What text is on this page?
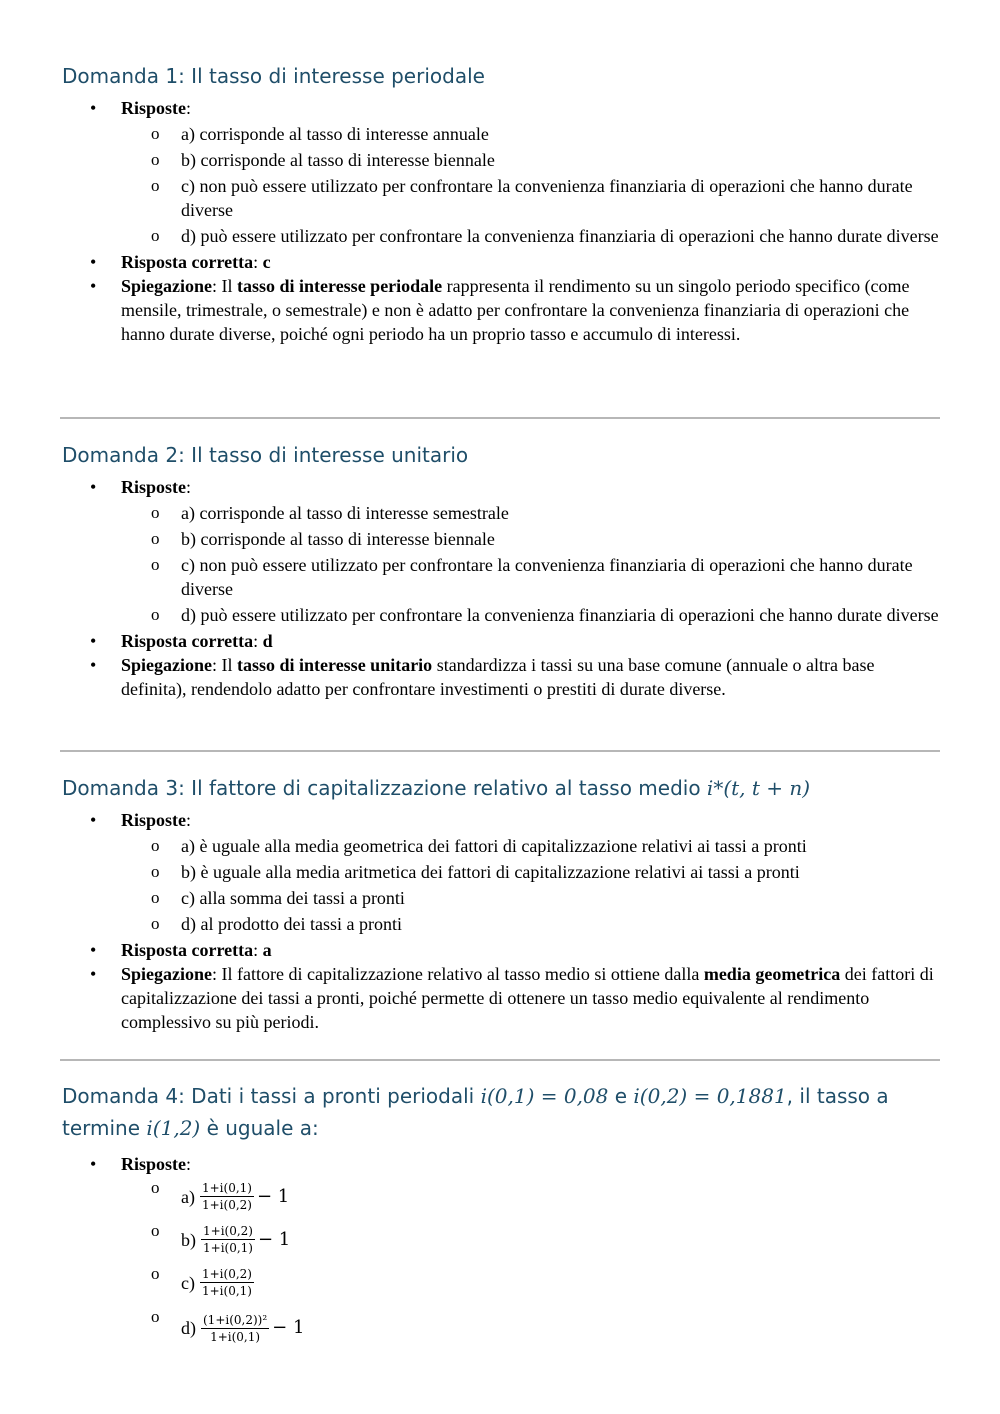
Domanda 1: Il tasso di interesse periodale
• Risposte:
o a) corrisponde al tasso di interesse annuale
o b) corrisponde al tasso di interesse biennale
o c) non può essere utilizzato per confrontare la convenienza finanziaria di operazioni che hanno durate diverse
o d) può essere utilizzato per confrontare la convenienza finanziaria di operazioni che hanno durate diverse
• Risposta corretta: c
• Spiegazione: Il tasso di interesse periodale rappresenta il rendimento su un singolo periodo specifico (come mensile, trimestrale, o semestrale) e non è adatto per confrontare la convenienza finanziaria di operazioni che hanno durate diverse, poiché ogni periodo ha un proprio tasso e accumulo di interessi.
Domanda 2: Il tasso di interesse unitario
• Risposte:
o a) corrisponde al tasso di interesse semestrale
o b) corrisponde al tasso di interesse biennale
o c) non può essere utilizzato per confrontare la convenienza finanziaria di operazioni che hanno durate diverse
o d) può essere utilizzato per confrontare la convenienza finanziaria di operazioni che hanno durate diverse
• Risposta corretta: d
• Spiegazione: Il tasso di interesse unitario standardizza i tassi su una base comune (annuale o altra base definita), rendendolo adatto per confrontare investimenti o prestiti di durate diverse.
Domanda 3: Il fattore di capitalizzazione relativo al tasso medio i*(t, t + n)
• Risposte:
o a) è uguale alla media geometrica dei fattori di capitalizzazione relativi ai tassi a pronti
o b) è uguale alla media aritmetica dei fattori di capitalizzazione relativi ai tassi a pronti
o c) alla somma dei tassi a pronti
o d) al prodotto dei tassi a pronti
• Risposta corretta: a
• Spiegazione: Il fattore di capitalizzazione relativo al tasso medio si ottiene dalla media geometrica dei fattori di capitalizzazione dei tassi a pronti, poiché permette di ottenere un tasso medio equivalente al rendimento complessivo su più periodi.
Domanda 4: Dati i tassi a pronti periodali i(0,1) = 0,08 e i(0,2) = 0,1881, il tasso a
termine i(1,2) è uguale a:
• Risposte:
o $a) \frac{1+i(0,1)}{1+i(0,2)} - 1$
o $b) \frac{1+i(0,2)}{1+i(0,1)} - 1$
o $c) \frac{1+i(0,2)}{1+i(0,1)}$
o $d) \frac{\text{(1+i(0,2))²}}{1+i(0,1)} - 1$
